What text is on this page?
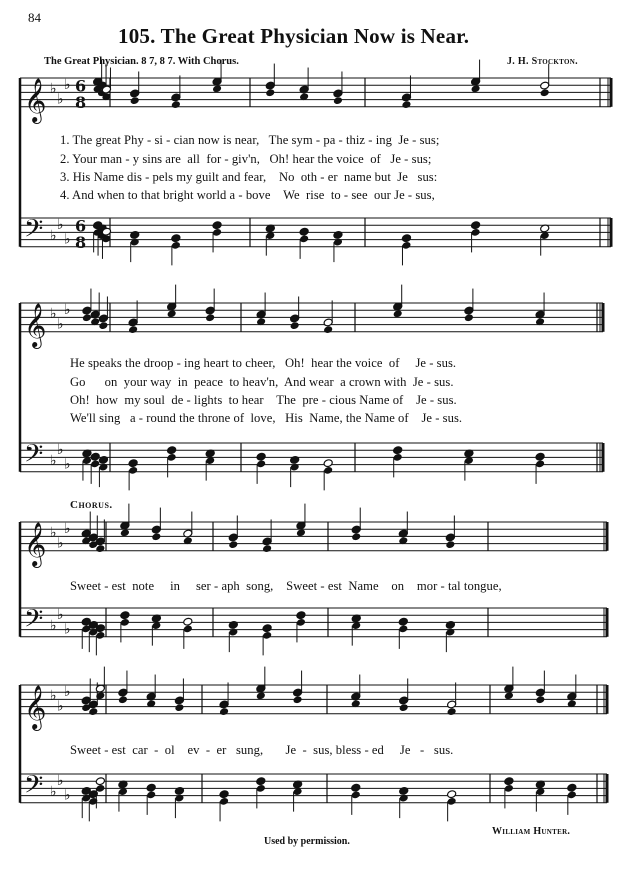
84
105. The Great Physician Now is Near.
The Great Physician. 8 7, 8 7. With Chorus.	J. H. Stockton.
𝄞 ♭
♭
♭ 6
8
𝄢 ♭
♭
♭
6
8
𝄞 ♭
♭
♭
𝄢 ♭
♭
♭
𝄞 ♭
♭
♭
𝄢 ♭
♭
♭
𝄞 ♭
♭
♭
𝄢 ♭
♭
♭
1. The great Phy - si - cian now is near,   The sym - pa - thiz - ing  Je - sus;
2. Your man - y sins are  all  for - giv'n,   Oh! hear the voice  of   Je - sus;
3. His Name dis - pels my guilt and fear,    No  oth - er  name but  Je   sus:
4. And when to that bright world a - bove    We  rise  to - see  our Je - sus,
He speaks the droop - ing heart to cheer,   Oh!  hear the voice  of     Je - sus.
Go      on  your way  in  peace  to heav'n,  And wear  a crown with  Je - sus.
Oh!  how  my soul  de - lights  to hear    The  pre - cious Name of    Je - sus.
We'll sing   a - round the throne of  love,   His  Name, the Name of    Je - sus.
Chorus.
Sweet - est  note     in     ser - aph  song,    Sweet - est  Name    on    mor - tal tongue,
Sweet - est  car  -  ol    ev  -  er   sung,       Je  -  sus, bless - ed     Je   -   sus.
Used by permission.
William Hunter.
